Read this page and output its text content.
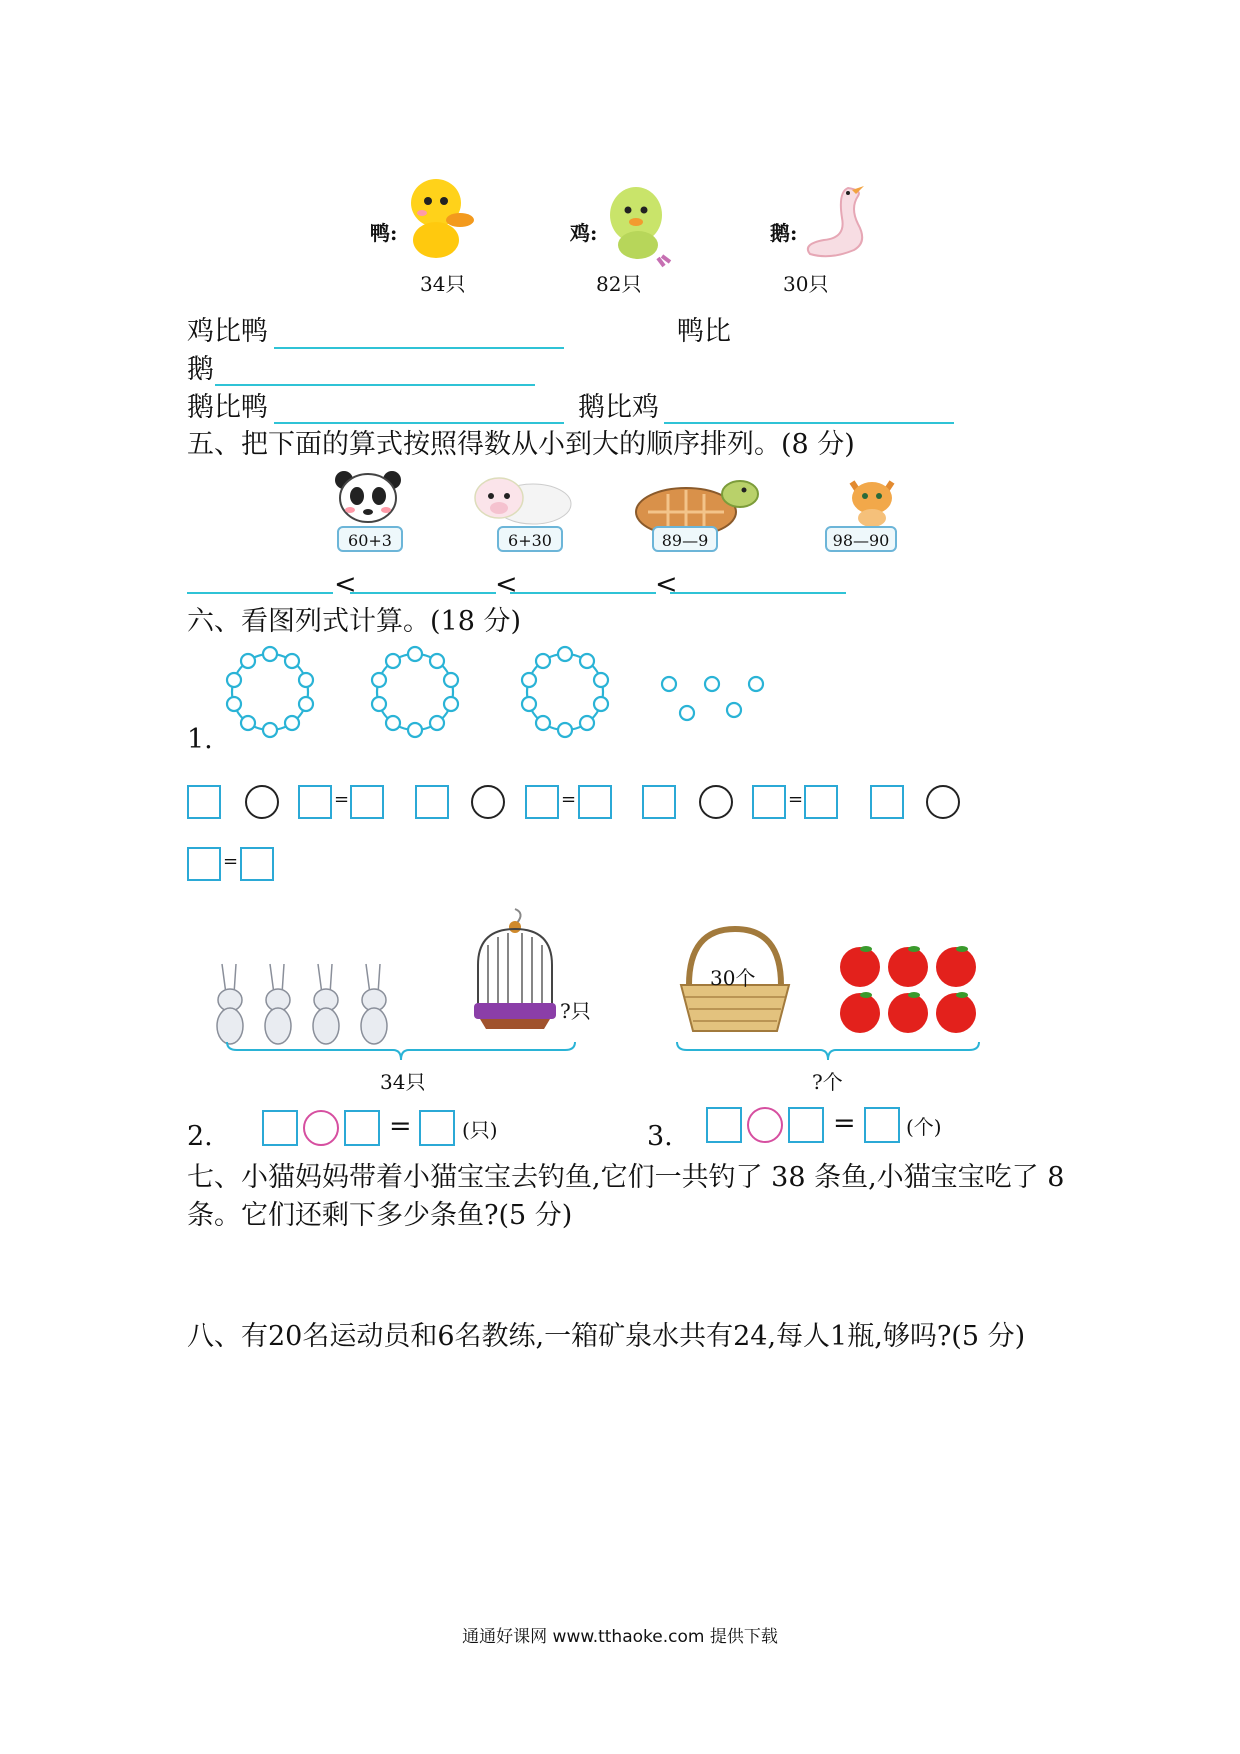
鸭:
34只
鸡:
82只
鹅:
30只
鸡比鸭	鸭比
鹅
鹅比鸭	鹅比鸡
五、把下面的算式按照得数从小到大的顺序排列。(8 分)
60+3	6+30	89—9	98—90
<	<	<
六、看图列式计算。(18 分)
1.
=	=	=
=
?只
34只
2.	=	(只)
30个
?个
3.	=	(个)
七、小猫妈妈带着小猫宝宝去钓鱼,它们一共钓了 38 条鱼,小猫宝宝吃了 8 条。它们还剩下多少条鱼?(5 分)
八、有20名运动员和6名教练,一箱矿泉水共有24,每人1瓶,够吗?(5 分)
通通好课网 www.tthaoke.com 提供下载
